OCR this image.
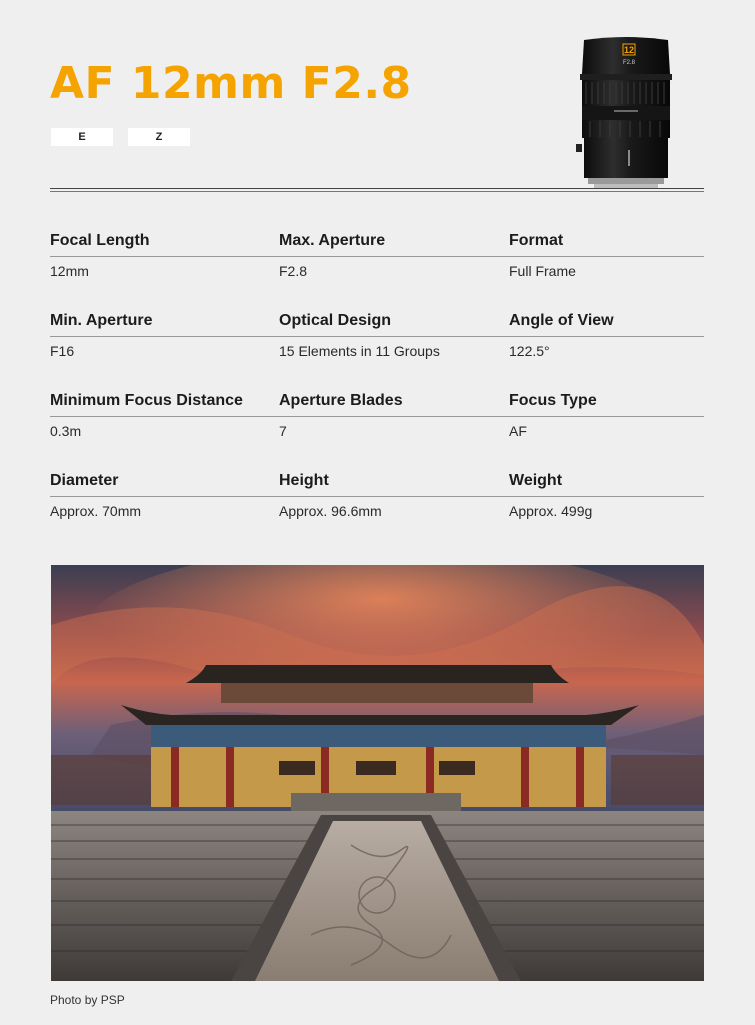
AF 12mm F2.8
E	Z
12
F2.8
Focal Length
12mm
Max. Aperture
F2.8
Format
Full Frame
Min. Aperture
F16
Optical Design
15 Elements in 11 Groups
Angle of View
122.5°
Minimum Focus Distance
0.3m
Aperture Blades
7
Focus Type
AF
Diameter
Approx. 70mm
Height
Approx. 96.6mm
Weight
Approx. 499g
Photo by PSP
